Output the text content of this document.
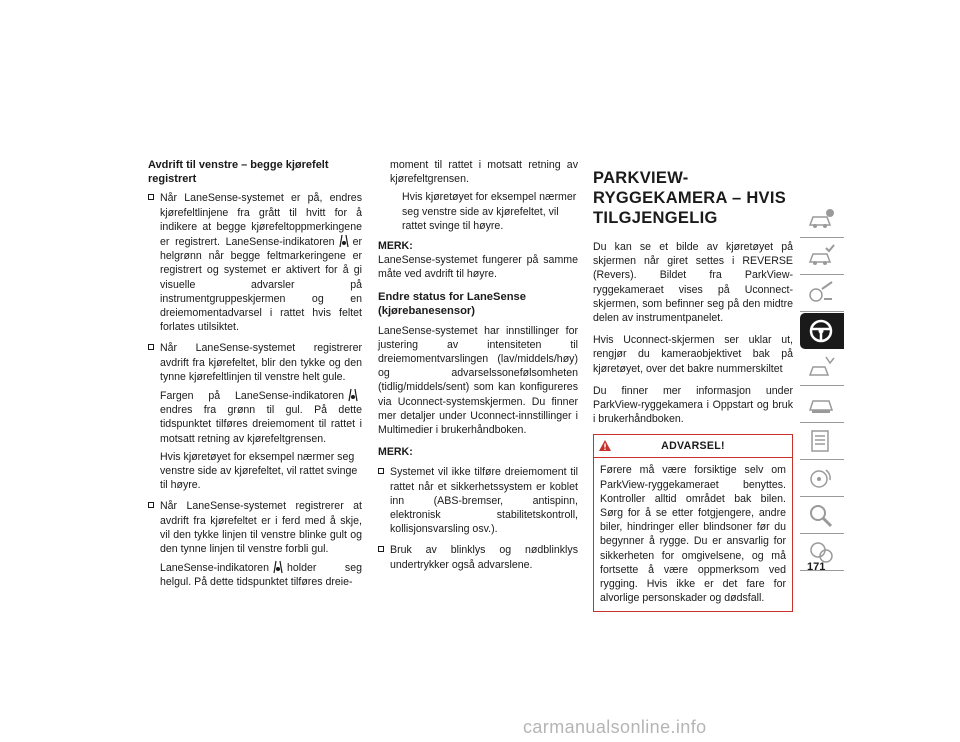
Avdrift til venstre – begge kjørefelt registrert

Når LaneSense-systemet er på, endres kjørefeltlinjene fra grått til hvitt for å indikere at begge kjørefeltoppmerkingene er registrert. LaneSense-indikatoren er helgrønn når begge feltmarkeringene er registrert og systemet er aktivert for å gi visuelle advarsler på instrumentgruppeskjermen og en dreiemomentadvarsel i rattet hvis feltet forlates utilsiktet.

Når LaneSense-systemet registrerer avdrift fra kjørefeltet, blir den tykke og den tynne kjørefeltlinjen til venstre helt gule.

Fargen på LaneSense-indikatorenendres fra grønn til gul. På dette tidspunktet tilføres dreiemoment til rattet i motsatt retning av kjørefeltgrensen.

Hvis kjøretøyet for eksempel nærmer seg venstre side av kjørefeltet, vil rattet svinge til høyre.

Når LaneSense-systemet registrerer at avdrift fra kjørefeltet er i ferd med å skje, vil den tykke linjen til venstre blinke gult og den tynne linjen til venstre forbli gul.

LaneSense-indikatoren holder seg helgul. På dette tidspunktet tilføres dreie-

moment til rattet i motsatt retning av kjørefeltgrensen.

Hvis kjøretøyet for eksempel nærmer seg venstre side av kjørefeltet, vil rattet svinge til høyre.

MERK:

LaneSense-systemet fungerer på samme måte ved avdrift til høyre.

Endre status for LaneSense (kjørebanesensor)

LaneSense-systemet har innstillinger for justering av intensiteten til dreiemomentvarslingen (lav/middels/høy) og advarselssonefølsomheten (tidlig/middels/sent) som kan konfigureres via Uconnect-systemskjermen. Du finner mer detaljer under Uconnect-innstillinger i Multimedier i brukerhåndboken.

MERK:

Systemet vil ikke tilføre dreiemoment til rattet når et sikkerhetssystem er koblet inn (ABS-bremser, antispinn, elektronisk stabilitetskontroll, kollisjonsvarsling osv.).

Bruk av blinklys og nødblinklys undertrykker også advarslene.

PARKVIEW-RYGGEKAMERA – HVIS TILGJENGELIG

Du kan se et bilde av kjøretøyet på skjermen når giret settes i REVERSE (Revers). Bildet fra ParkView-ryggekameraet vises på Uconnect-skjermen, som befinner seg på den midtre delen av instrumentpanelet.

Hvis Uconnect-skjermen ser uklar ut, rengjør du kameraobjektivet bak på kjøretøyet, over det bakre nummerskiltet

Du finner mer informasjon under ParkView-ryggekamera i Oppstart og bruk i brukerhåndboken.

ADVARSEL!
Førere må være forsiktige selv om ParkView-ryggekameraet benyttes. Kontroller alltid området bak bilen. Sørg for å se etter fotgjengere, andre biler, hindringer eller blindsoner før du begynner å rygge. Du er ansvarlig for sikkerheten for omgivelsene, og må fortsette å være oppmerksom ved rygging. Hvis ikke er det fare for alvorlige personskader og dødsfall.
171
carmanualsonline.info
